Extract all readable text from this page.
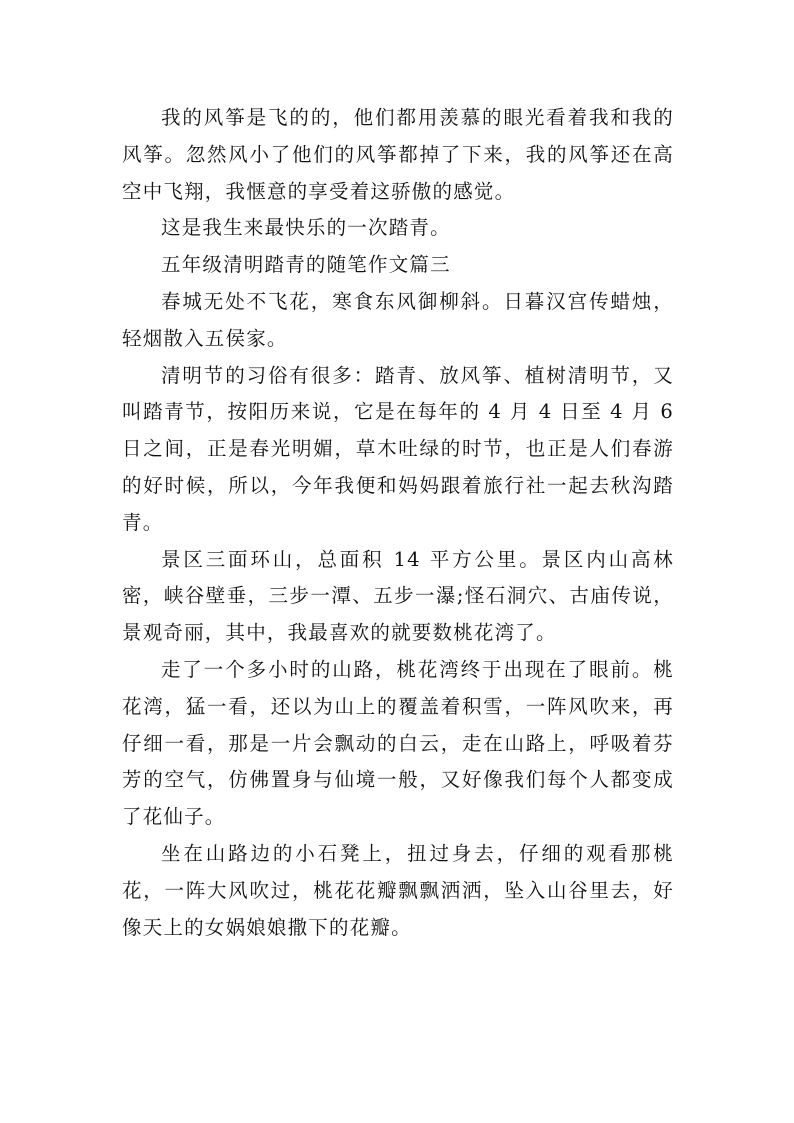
我的风筝是飞的的，他们都用羡慕的眼光看着我和我的风筝。忽然风小了他们的风筝都掉了下来，我的风筝还在高空中飞翔，我惬意的享受着这骄傲的感觉。

这是我生来最快乐的一次踏青。

五年级清明踏青的随笔作文篇三

春城无处不飞花，寒食东风御柳斜。日暮汉宫传蜡烛，轻烟散入五侯家。

清明节的习俗有很多：踏青、放风筝、植树清明节，又叫踏青节，按阳历来说，它是在每年的 4 月 4 日至 4 月 6 日之间，正是春光明媚，草木吐绿的时节，也正是人们春游的好时候，所以，今年我便和妈妈跟着旅行社一起去秋沟踏青。

景区三面环山，总面积 14 平方公里。景区内山高林密，峡谷壁垂，三步一潭、五步一瀑;怪石洞穴、古庙传说，景观奇丽，其中，我最喜欢的就要数桃花湾了。

走了一个多小时的山路，桃花湾终于出现在了眼前。桃花湾，猛一看，还以为山上的覆盖着积雪，一阵风吹来，再仔细一看，那是一片会飘动的白云，走在山路上，呼吸着芬芳的空气，仿佛置身与仙境一般，又好像我们每个人都变成了花仙子。

坐在山路边的小石凳上，扭过身去，仔细的观看那桃花，一阵大风吹过，桃花花瓣飘飘洒洒，坠入山谷里去，好像天上的女娲娘娘撒下的花瓣。
